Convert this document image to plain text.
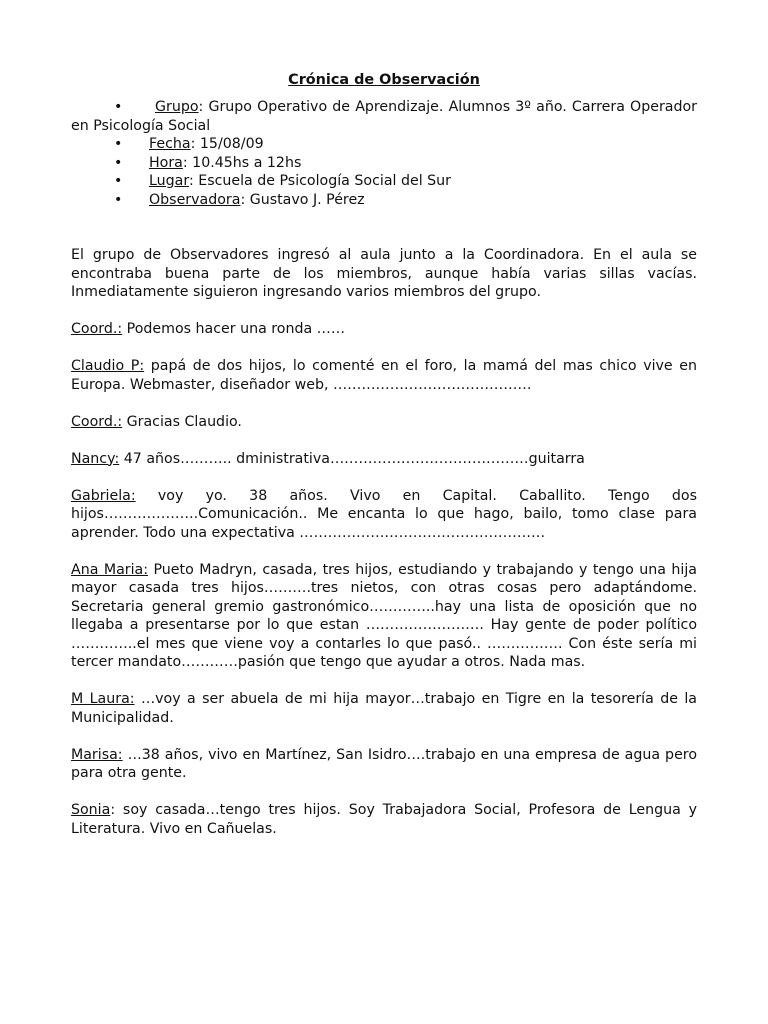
Crónica de Observación
• Grupo: Grupo Operativo de Aprendizaje. Alumnos 3º año. Carrera Operador en Psicología Social
• Fecha: 15/08/09
• Hora: 10.45hs a 12hs
• Lugar: Escuela de Psicología Social del Sur
• Observadora: Gustavo J. Pérez

El grupo de Observadores ingresó al aula junto a la Coordinadora. En el aula se encontraba buena parte de los miembros, aunque había varias sillas vacías. Inmediatamente siguieron ingresando varios miembros del grupo.

Coord.: Podemos hacer una ronda ……

Claudio P: papá de dos hijos, lo comenté en el foro, la mamá del mas chico vive en Europa. Webmaster, diseñador web, ……………………………………

Coord.: Gracias Claudio.

Nancy: 47 años……….. dministrativa……………………………………guitarra

Gabriela: voy yo. 38 años. Vivo en Capital. Caballito. Tengo dos hijos………………..Comunicación.. Me encanta lo que hago, bailo, tomo clase para aprender. Todo una expectativa …………………………………………….

Ana Maria: Pueto Madryn, casada, tres hijos, estudiando y trabajando y tengo una hija mayor casada tres hijos……….tres nietos, con otras cosas pero adaptándome. Secretaria general gremio gastronómico…………..hay una lista de oposición que no llegaba a presentarse por lo que estan ……………………. Hay gente de poder político …………..el mes que viene voy a contarles lo que pasó.. ……………. Con éste sería mi tercer mandato…………pasión que tengo que ayudar a otros. Nada mas.

M Laura: …voy a ser abuela de mi hija mayor…trabajo en Tigre en la tesorería de la Municipalidad.

Marisa: …38 años, vivo en Martínez, San Isidro….trabajo en una empresa de agua pero para otra gente.

Sonia: soy casada…tengo tres hijos. Soy Trabajadora Social, Profesora de Lengua y Literatura. Vivo en Cañuelas.
